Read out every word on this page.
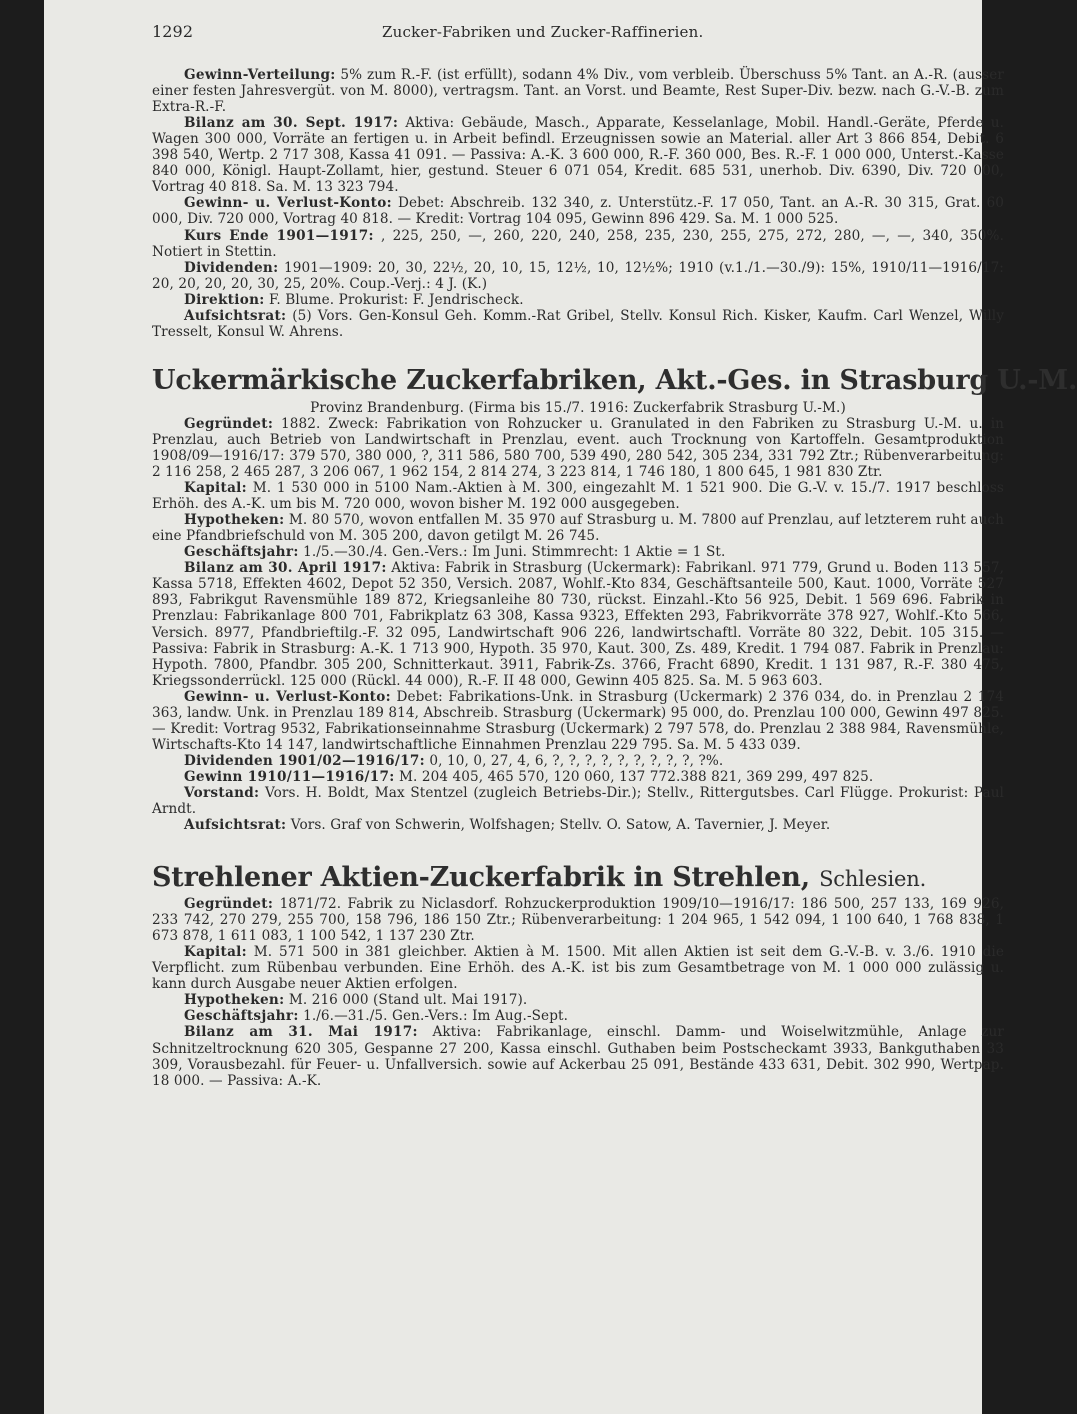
1292	Zucker-Fabriken und Zucker-Raffinerien.

Gewinn-Verteilung: 5% zum R.-F. (ist erfüllt), sodann 4% Div., vom verbleib. Überschuss 5% Tant. an A.-R. (ausser einer festen Jahresvergüt. von M. 8000), vertragsm. Tant. an Vorst. und Beamte, Rest Super-Div. bezw. nach G.-V.-B. zum Extra-R.-F.

Bilanz am 30. Sept. 1917: Aktiva: Gebäude, Masch., Apparate, Kesselanlage, Mobil. Handl.-Geräte, Pferde u. Wagen 300 000, Vorräte an fertigen u. in Arbeit befindl. Erzeugnissen sowie an Material. aller Art 3 866 854, Debit. 6 398 540, Wertp. 2 717 308, Kassa 41 091. — Passiva: A.-K. 3 600 000, R.-F. 360 000, Bes. R.-F. 1 000 000, Unterst.-Kasse 840 000, Königl. Haupt-Zollamt, hier, gestund. Steuer 6 071 054, Kredit. 685 531, unerhob. Div. 6390, Div. 720 000, Vortrag 40 818. Sa. M. 13 323 794.

Gewinn- u. Verlust-Konto: Debet: Abschreib. 132 340, z. Unterstütz.-F. 17 050, Tant. an A.-R. 30 315, Grat. 60 000, Div. 720 000, Vortrag 40 818. — Kredit: Vortrag 104 095, Gewinn 896 429. Sa. M. 1 000 525.

Kurs Ende 1901—1917: , 225, 250, —, 260, 220, 240, 258, 235, 230, 255, 275, 272, 280, —, —, 340, 350%. Notiert in Stettin.

Dividenden: 1901—1909: 20, 30, 22½, 20, 10, 15, 12½, 10, 12½%; 1910 (v.1./1.—30./9): 15%, 1910/11—1916/17: 20, 20, 20, 20, 30, 25, 20%. Coup.-Verj.: 4 J. (K.)

Direktion: F. Blume. Prokurist: F. Jendrischeck.

Aufsichtsrat: (5) Vors. Gen-Konsul Geh. Komm.-Rat Gribel, Stellv. Konsul Rich. Kisker, Kaufm. Carl Wenzel, Willy Tresselt, Konsul W. Ahrens.

Uckermärkische Zuckerfabriken, Akt.-Ges. in Strasburg U.-M.

Provinz Brandenburg. (Firma bis 15./7. 1916: Zuckerfabrik Strasburg U.-M.)

Gegründet: 1882. Zweck: Fabrikation von Rohzucker u. Granulated in den Fabriken zu Strasburg U.-M. u. in Prenzlau, auch Betrieb von Landwirtschaft in Prenzlau, event. auch Trocknung von Kartoffeln. Gesamtproduktion 1908/09—1916/17: 379 570, 380 000, ?, 311 586, 580 700, 539 490, 280 542, 305 234, 331 792 Ztr.; Rübenverarbeitung: 2 116 258, 2 465 287, 3 206 067, 1 962 154, 2 814 274, 3 223 814, 1 746 180, 1 800 645, 1 981 830 Ztr.

Kapital: M. 1 530 000 in 5100 Nam.-Aktien à M. 300, eingezahlt M. 1 521 900. Die G.-V. v. 15./7. 1917 beschloss Erhöh. des A.-K. um bis M. 720 000, wovon bisher M. 192 000 ausgegeben.

Hypotheken: M. 80 570, wovon entfallen M. 35 970 auf Strasburg u. M. 7800 auf Prenzlau, auf letzterem ruht auch eine Pfandbriefschuld von M. 305 200, davon getilgt M. 26 745.

Geschäftsjahr: 1./5.—30./4. Gen.-Vers.: Im Juni. Stimmrecht: 1 Aktie = 1 St.

Bilanz am 30. April 1917: Aktiva: Fabrik in Strasburg (Uckermark): Fabrikanl. 971 779, Grund u. Boden 113 557, Kassa 5718, Effekten 4602, Depot 52 350, Versich. 2087, Wohlf.-Kto 834, Geschäftsanteile 500, Kaut. 1000, Vorräte 527 893, Fabrikgut Ravensmühle 189 872, Kriegsanleihe 80 730, rückst. Einzahl.-Kto 56 925, Debit. 1 569 696. Fabrik in Prenzlau: Fabrikanlage 800 701, Fabrikplatz 63 308, Kassa 9323, Effekten 293, Fabrikvorräte 378 927, Wohlf.-Kto 566, Versich. 8977, Pfandbrieftilg.-F. 32 095, Landwirtschaft 906 226, landwirtschaftl. Vorräte 80 322, Debit. 105 315. — Passiva: Fabrik in Strasburg: A.-K. 1 713 900, Hypoth. 35 970, Kaut. 300, Zs. 489, Kredit. 1 794 087. Fabrik in Prenzlau: Hypoth. 7800, Pfandbr. 305 200, Schnitterkaut. 3911, Fabrik-Zs. 3766, Fracht 6890, Kredit. 1 131 987, R.-F. 380 475, Kriegssonderrückl. 125 000 (Rückl. 44 000), R.-F. II 48 000, Gewinn 405 825. Sa. M. 5 963 603.

Gewinn- u. Verlust-Konto: Debet: Fabrikations-Unk. in Strasburg (Uckermark) 2 376 034, do. in Prenzlau 2 174 363, landw. Unk. in Prenzlau 189 814, Abschreib. Strasburg (Uckermark) 95 000, do. Prenzlau 100 000, Gewinn 497 825. — Kredit: Vortrag 9532, Fabrikationseinnahme Strasburg (Uckermark) 2 797 578, do. Prenzlau 2 388 984, Ravensmühle, Wirtschafts-Kto 14 147, landwirtschaftliche Einnahmen Prenzlau 229 795. Sa. M. 5 433 039.

Dividenden 1901/02—1916/17: 0, 10, 0, 27, 4, 6, ?, ?, ?, ?, ?, ?, ?, ?, ?, ?%.

Gewinn 1910/11—1916/17: M. 204 405, 465 570, 120 060, 137 772.388 821, 369 299, 497 825.

Vorstand: Vors. H. Boldt, Max Stentzel (zugleich Betriebs-Dir.); Stellv., Rittergutsbes. Carl Flügge. Prokurist: Paul Arndt.

Aufsichtsrat: Vors. Graf von Schwerin, Wolfshagen; Stellv. O. Satow, A. Tavernier, J. Meyer.

Strehlener Aktien-Zuckerfabrik in Strehlen, Schlesien.

Gegründet: 1871/72. Fabrik zu Niclasdorf. Rohzuckerproduktion 1909/10—1916/17: 186 500, 257 133, 169 926, 233 742, 270 279, 255 700, 158 796, 186 150 Ztr.; Rübenverarbeitung: 1 204 965, 1 542 094, 1 100 640, 1 768 838, 1 673 878, 1 611 083, 1 100 542, 1 137 230 Ztr.

Kapital: M. 571 500 in 381 gleichber. Aktien à M. 1500. Mit allen Aktien ist seit dem G.-V.-B. v. 3./6. 1910 die Verpflicht. zum Rübenbau verbunden. Eine Erhöh. des A.-K. ist bis zum Gesamtbetrage von M. 1 000 000 zulässig u. kann durch Ausgabe neuer Aktien erfolgen.

Hypotheken: M. 216 000 (Stand ult. Mai 1917).

Geschäftsjahr: 1./6.—31./5. Gen.-Vers.: Im Aug.-Sept.

Bilanz am 31. Mai 1917: Aktiva: Fabrikanlage, einschl. Damm- und Woiselwitzmühle, Anlage zur Schnitzeltrocknung 620 305, Gespanne 27 200, Kassa einschl. Guthaben beim Postscheckamt 3933, Bankguthaben 33 309, Vorausbezahl. für Feuer- u. Unfallversich. sowie auf Ackerbau 25 091, Bestände 433 631, Debit. 302 990, Wertpap. 18 000. — Passiva: A.-K.
